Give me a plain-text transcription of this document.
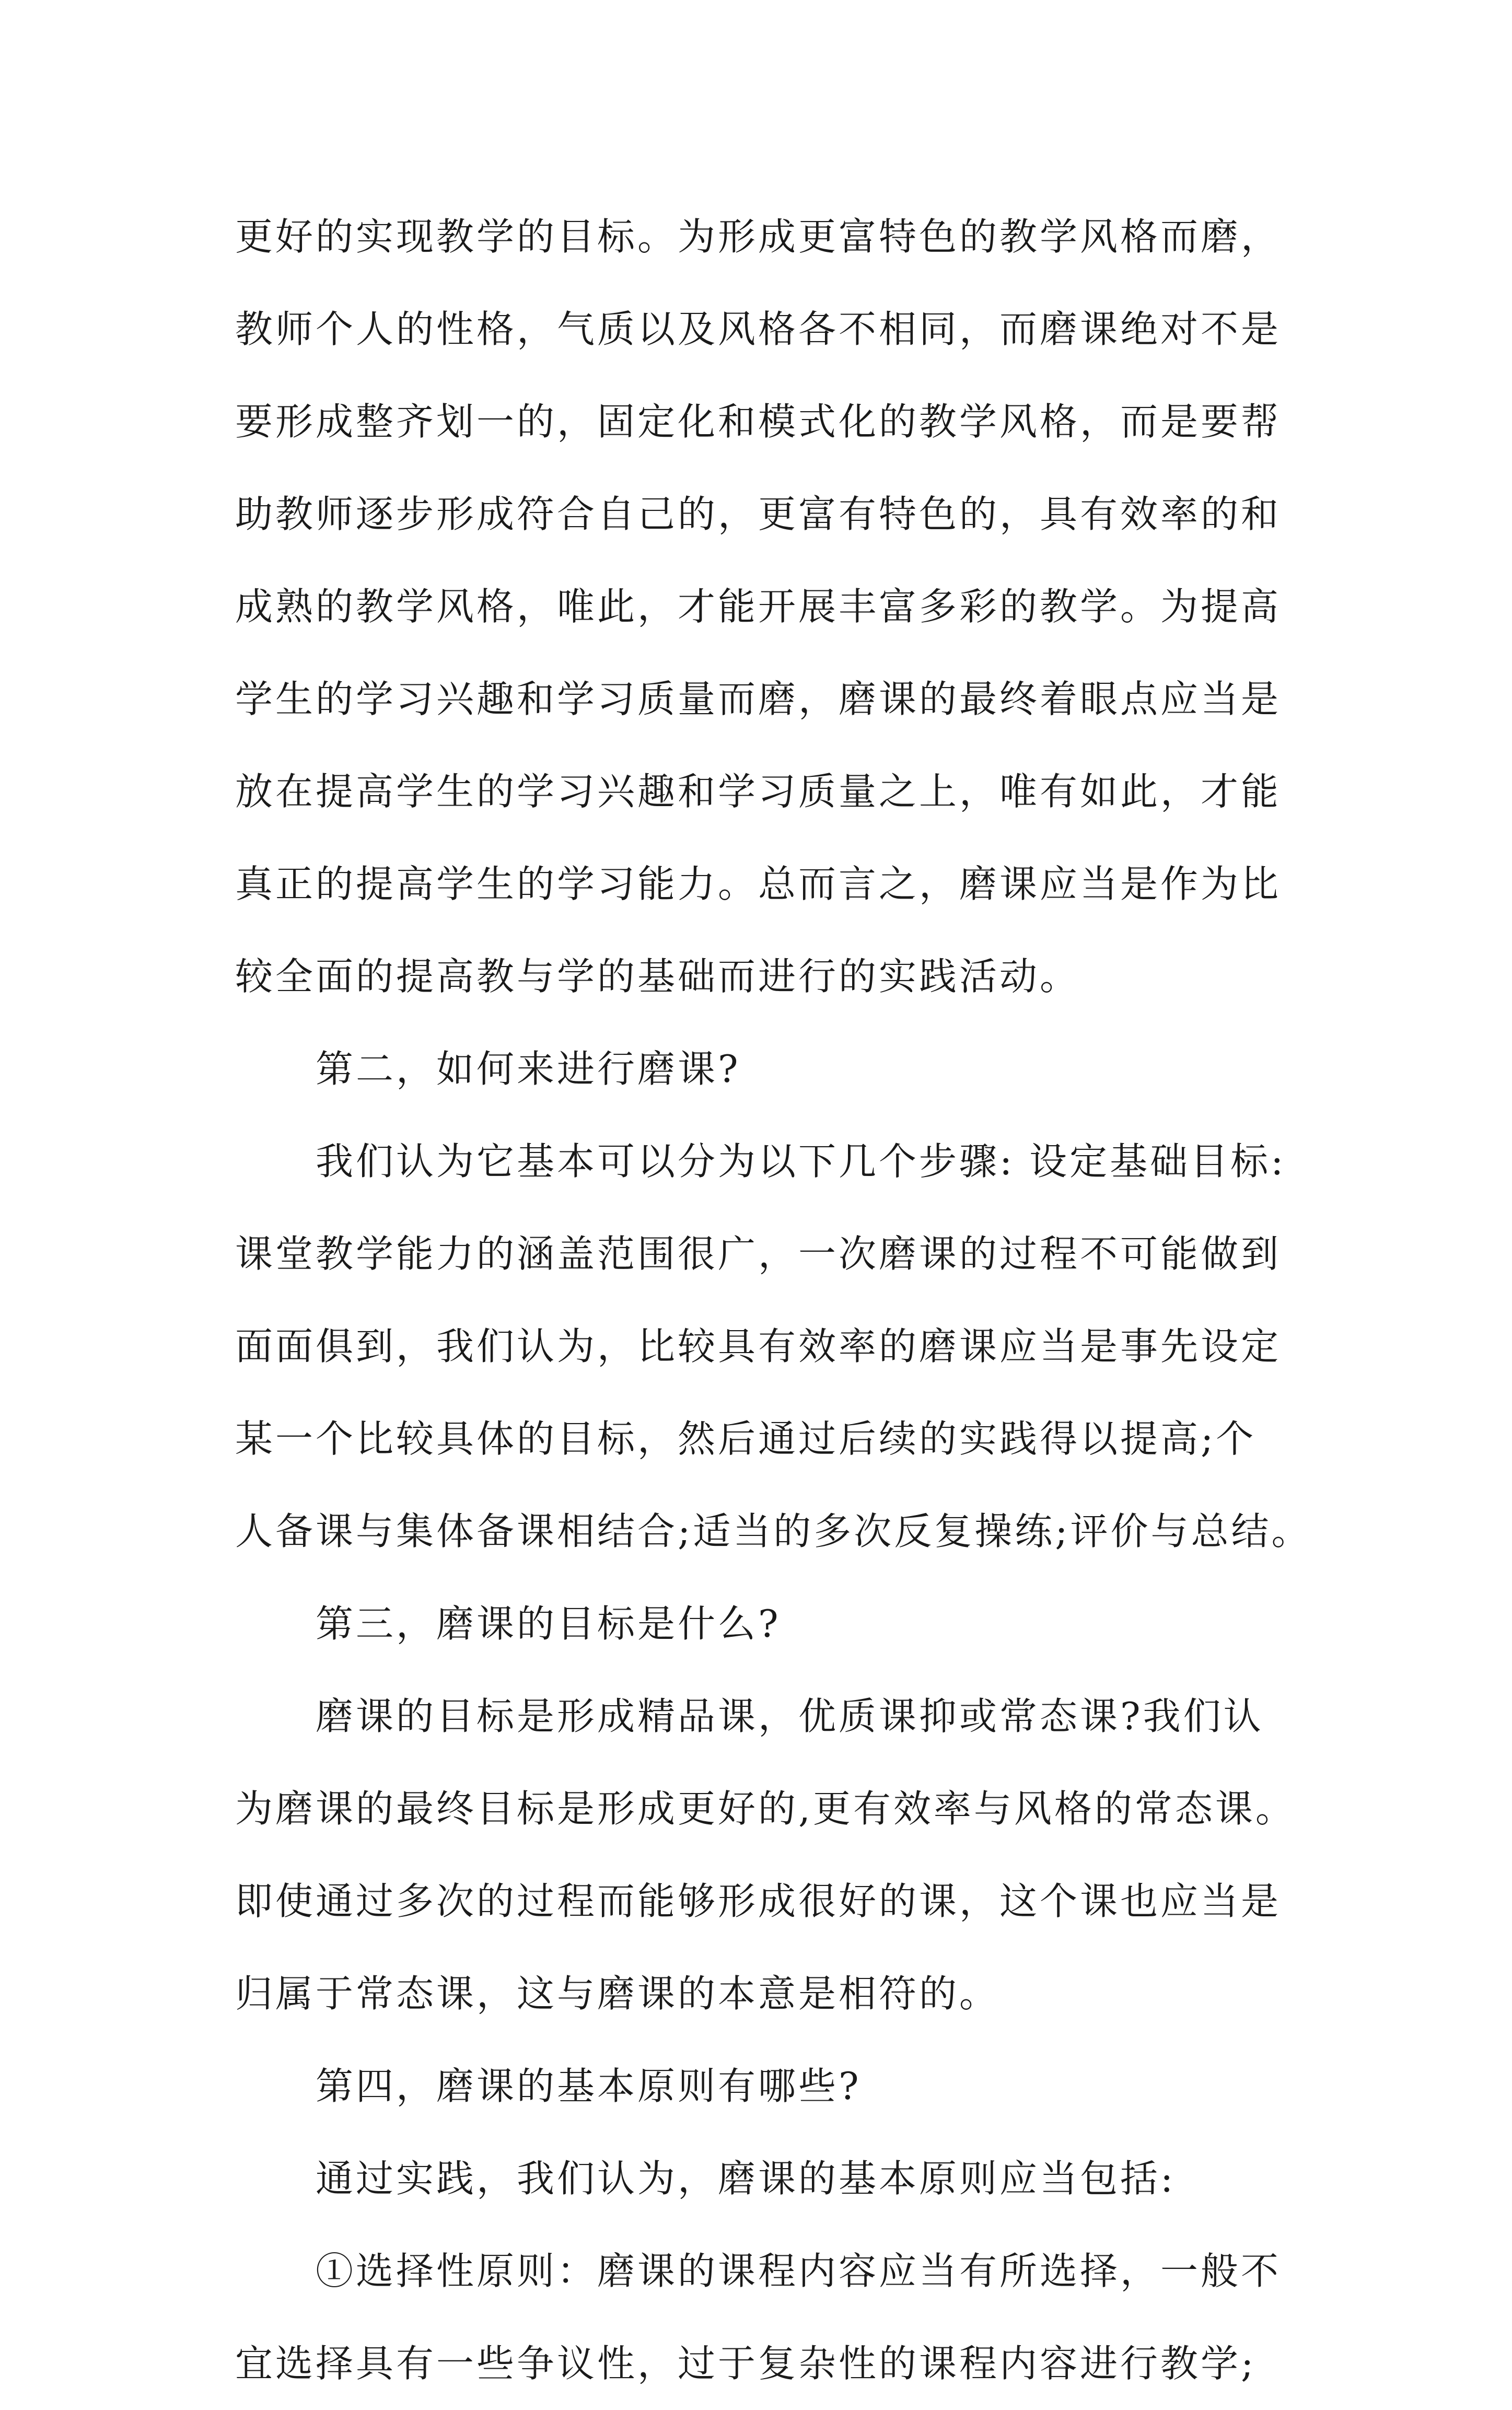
更好的实现教学的目标。为形成更富特色的教学风格而磨，
教师个人的性格，气质以及风格各不相同，而磨课绝对不是
要形成整齐划一的，固定化和模式化的教学风格，而是要帮
助教师逐步形成符合自己的，更富有特色的，具有效率的和
成熟的教学风格，唯此，才能开展丰富多彩的教学。为提高
学生的学习兴趣和学习质量而磨，磨课的最终着眼点应当是
放在提高学生的学习兴趣和学习质量之上，唯有如此，才能
真正的提高学生的学习能力。总而言之，磨课应当是作为比
较全面的提高教与学的基础而进行的实践活动。

第二，如何来进行磨课?

我们认为它基本可以分为以下几个步骤: 设定基础目标:
课堂教学能力的涵盖范围很广，一次磨课的过程不可能做到
面面俱到，我们认为，比较具有效率的磨课应当是事先设定
某一个比较具体的目标，然后通过后续的实践得以提高;个
人备课与集体备课相结合;适当的多次反复操练;评价与总结。

第三，磨课的目标是什么?

磨课的目标是形成精品课，优质课抑或常态课?我们认
为磨课的最终目标是形成更好的,更有效率与风格的常态课。
即使通过多次的过程而能够形成很好的课，这个课也应当是
归属于常态课，这与磨课的本意是相符的。

第四，磨课的基本原则有哪些?

通过实践，我们认为，磨课的基本原则应当包括:

①选择性原则：磨课的课程内容应当有所选择，一般不
宜选择具有一些争议性，过于复杂性的课程内容进行教学;
